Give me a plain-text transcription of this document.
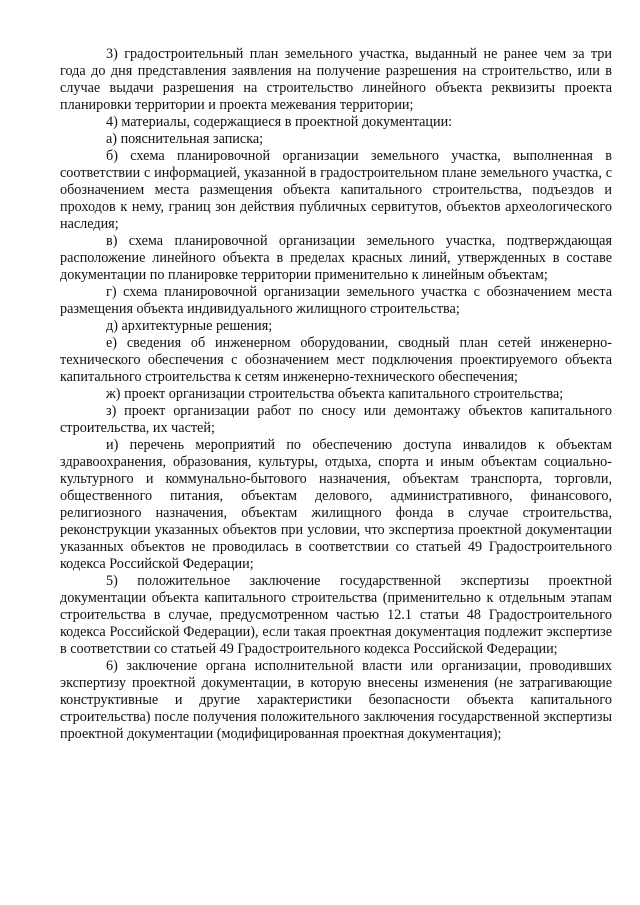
3) градостроительный план земельного участка, выданный не ранее чем за три года до дня представления заявления на получение разрешения на строительство, или в случае выдачи разрешения на строительство линейного объекта реквизиты проекта планировки территории и проекта межевания территории;

4) материалы, содержащиеся в проектной документации:

а) пояснительная записка;

б) схема планировочной организации земельного участка, выполненная в соответствии с информацией, указанной в градостроительном плане земельного участка, с обозначением места размещения объекта капитального строительства, подъездов и проходов к нему, границ зон действия публичных сервитутов, объектов археологического наследия;

в) схема планировочной организации земельного участка, подтверждающая расположение линейного объекта в пределах красных линий, утвержденных в составе документации по планировке территории применительно к линейным объектам;

г) схема планировочной организации земельного участка с обозначением места размещения объекта индивидуального жилищного строительства;

д) архитектурные решения;

е) сведения об инженерном оборудовании, сводный план сетей инженерно-технического обеспечения с обозначением мест подключения проектируемого объекта капитального строительства к сетям инженерно-технического обеспечения;

ж) проект организации строительства объекта капитального строительства;

з) проект организации работ по сносу или демонтажу объектов капитального строительства, их частей;

и) перечень мероприятий по обеспечению доступа инвалидов к объектам здравоохранения, образования, культуры, отдыха, спорта и иным объектам социально-культурного и коммунально-бытового назначения, объектам транспорта, торговли, общественного питания, объектам делового, административного, финансового, религиозного назначения, объектам жилищного фонда в случае строительства, реконструкции указанных объектов при условии, что экспертиза проектной документации указанных объектов не проводилась в соответствии со статьей 49 Градостроительного кодекса Российской Федерации;

5) положительное заключение государственной экспертизы проектной документации объекта капитального строительства (применительно к отдельным этапам строительства в случае, предусмотренном частью 12.1 статьи 48 Градостроительного кодекса Российской Федерации), если такая проектная документация подлежит экспертизе в соответствии со статьей 49 Градостроительного кодекса Российской Федерации;

6) заключение органа исполнительной власти или организации, проводивших экспертизу проектной документации, в которую внесены изменения (не затрагивающие конструктивные и другие характеристики безопасности объекта капитального строительства) после получения положительного заключения государственной экспертизы проектной документации (модифицированная проектная документация);
